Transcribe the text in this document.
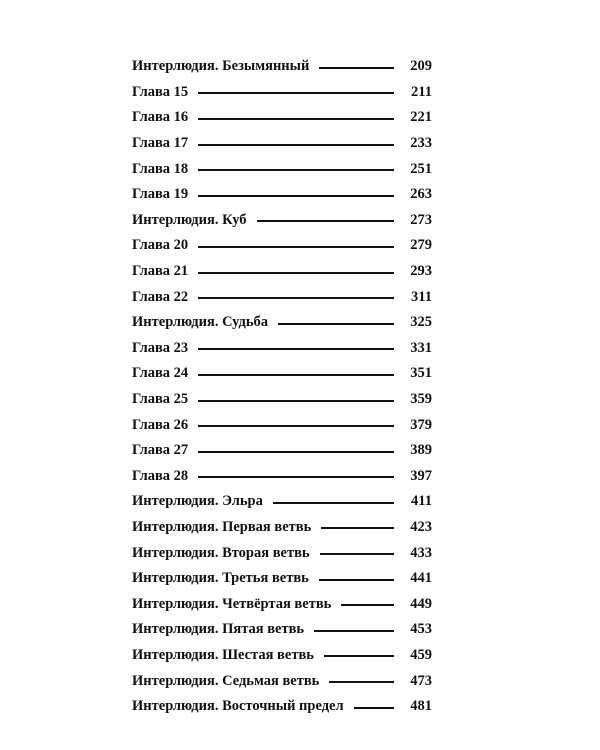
Интерлюдия. Безымянный	209
Глава 15	211
Глава 16	221
Глава 17	233
Глава 18	251
Глава 19	263
Интерлюдия. Куб	273
Глава 20	279
Глава 21	293
Глава 22	311
Интерлюдия. Судьба	325
Глава 23	331
Глава 24	351
Глава 25	359
Глава 26	379
Глава 27	389
Глава 28	397
Интерлюдия. Эльра	411
Интерлюдия. Первая ветвь	423
Интерлюдия. Вторая ветвь	433
Интерлюдия. Третья ветвь	441
Интерлюдия. Четвёртая ветвь	449
Интерлюдия. Пятая ветвь	453
Интерлюдия. Шестая ветвь	459
Интерлюдия. Седьмая ветвь	473
Интерлюдия. Восточный предел	481
